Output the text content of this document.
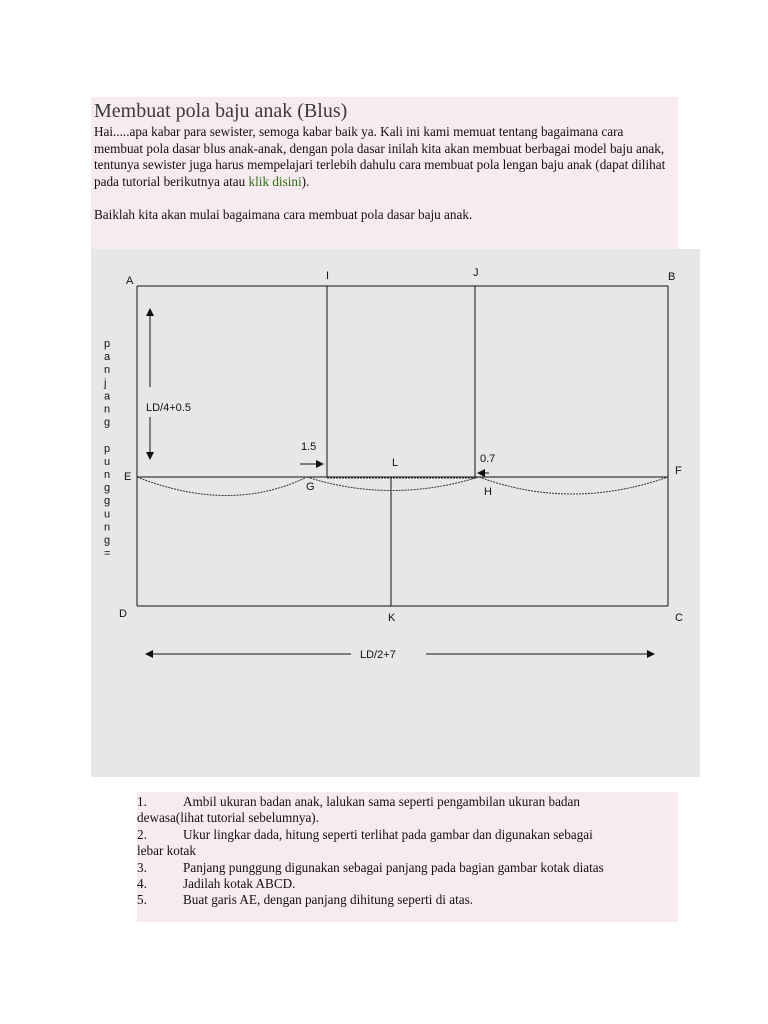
Membuat pola baju anak (Blus)
Hai.....apa kabar para sewister, semoga kabar baik ya. Kali ini kami memuat tentang bagaimana cara membuat pola dasar blus anak-anak, dengan pola dasar inilah kita akan membuat berbagai model baju anak, tentunya sewister juga harus mempelajari terlebih dahulu cara membuat pola lengan baju anak (dapat dilihat pada tutorial berikutnya atau klik disini).
Baiklah kita akan mulai bagaimana cara membuat pola dasar baju anak.
A	I	J	B
E
G
L
H
F
D	K	C
LD/4+0.5
LD/2+7
1.5
0.7
p
a
n
j
a
n
g
p
u
n
g
g
u
n
g
=
1.	Ambil ukuran badan anak, lalukan sama seperti pengambilan ukuran badan
dewasa(lihat tutorial sebelumnya).
2.	Ukur lingkar dada, hitung seperti terlihat pada gambar dan digunakan sebagai
lebar kotak
3.	Panjang punggung digunakan sebagai panjang pada bagian gambar kotak diatas
4.	Jadilah kotak ABCD.
5.	Buat garis AE, dengan panjang dihitung seperti di atas.
